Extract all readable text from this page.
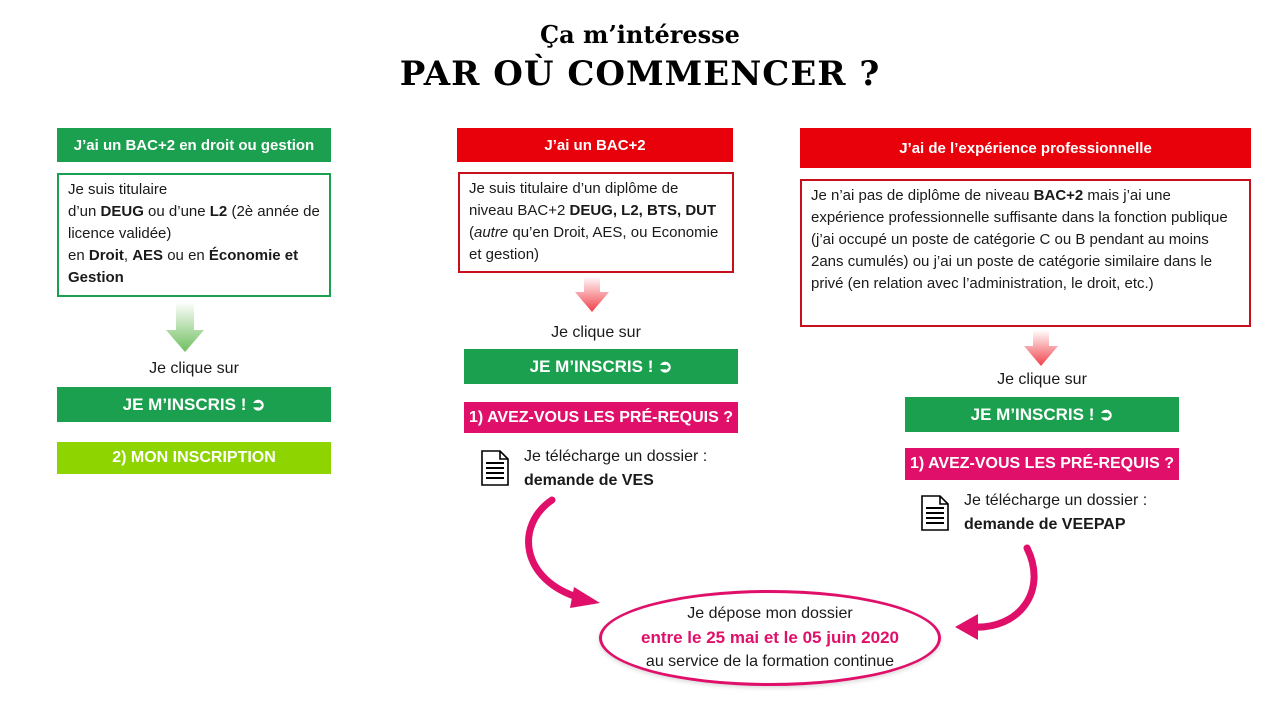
Ça m’intéresse
PAR OÙ COMMENCER ?
J’ai un BAC+2 en droit ou gestion
Je suis titulaire
d’un DEUG ou d’une L2 (2è année de licence validée)
en Droit, AES ou en Économie et Gestion
Je clique sur
JE M’INSCRIS ! ➲
2) MON INSCRIPTION
J’ai un BAC+2
Je suis titulaire d’un diplôme de niveau BAC+2 DEUG, L2, BTS, DUT (autre qu’en Droit, AES, ou Economie et gestion)
Je clique sur
JE M’INSCRIS ! ➲
1) AVEZ-VOUS LES PRÉ-REQUIS ?
Je télécharge un dossier :
demande de VES
J’ai de l’expérience professionnelle
Je n’ai pas de diplôme de niveau BAC+2 mais j’ai une expérience professionnelle suffisante dans la fonction publique (j’ai occupé un poste de catégorie C ou B pendant au moins 2ans cumulés) ou j’ai un poste de catégorie similaire dans le privé (en relation avec l’administration, le droit, etc.)
Je clique sur
JE M’INSCRIS ! ➲
1) AVEZ-VOUS LES PRÉ-REQUIS ?
Je télécharge un dossier :
demande de VEEPAP
Je dépose mon dossier
entre le 25 mai et le 05 juin 2020
au service de la formation continue
